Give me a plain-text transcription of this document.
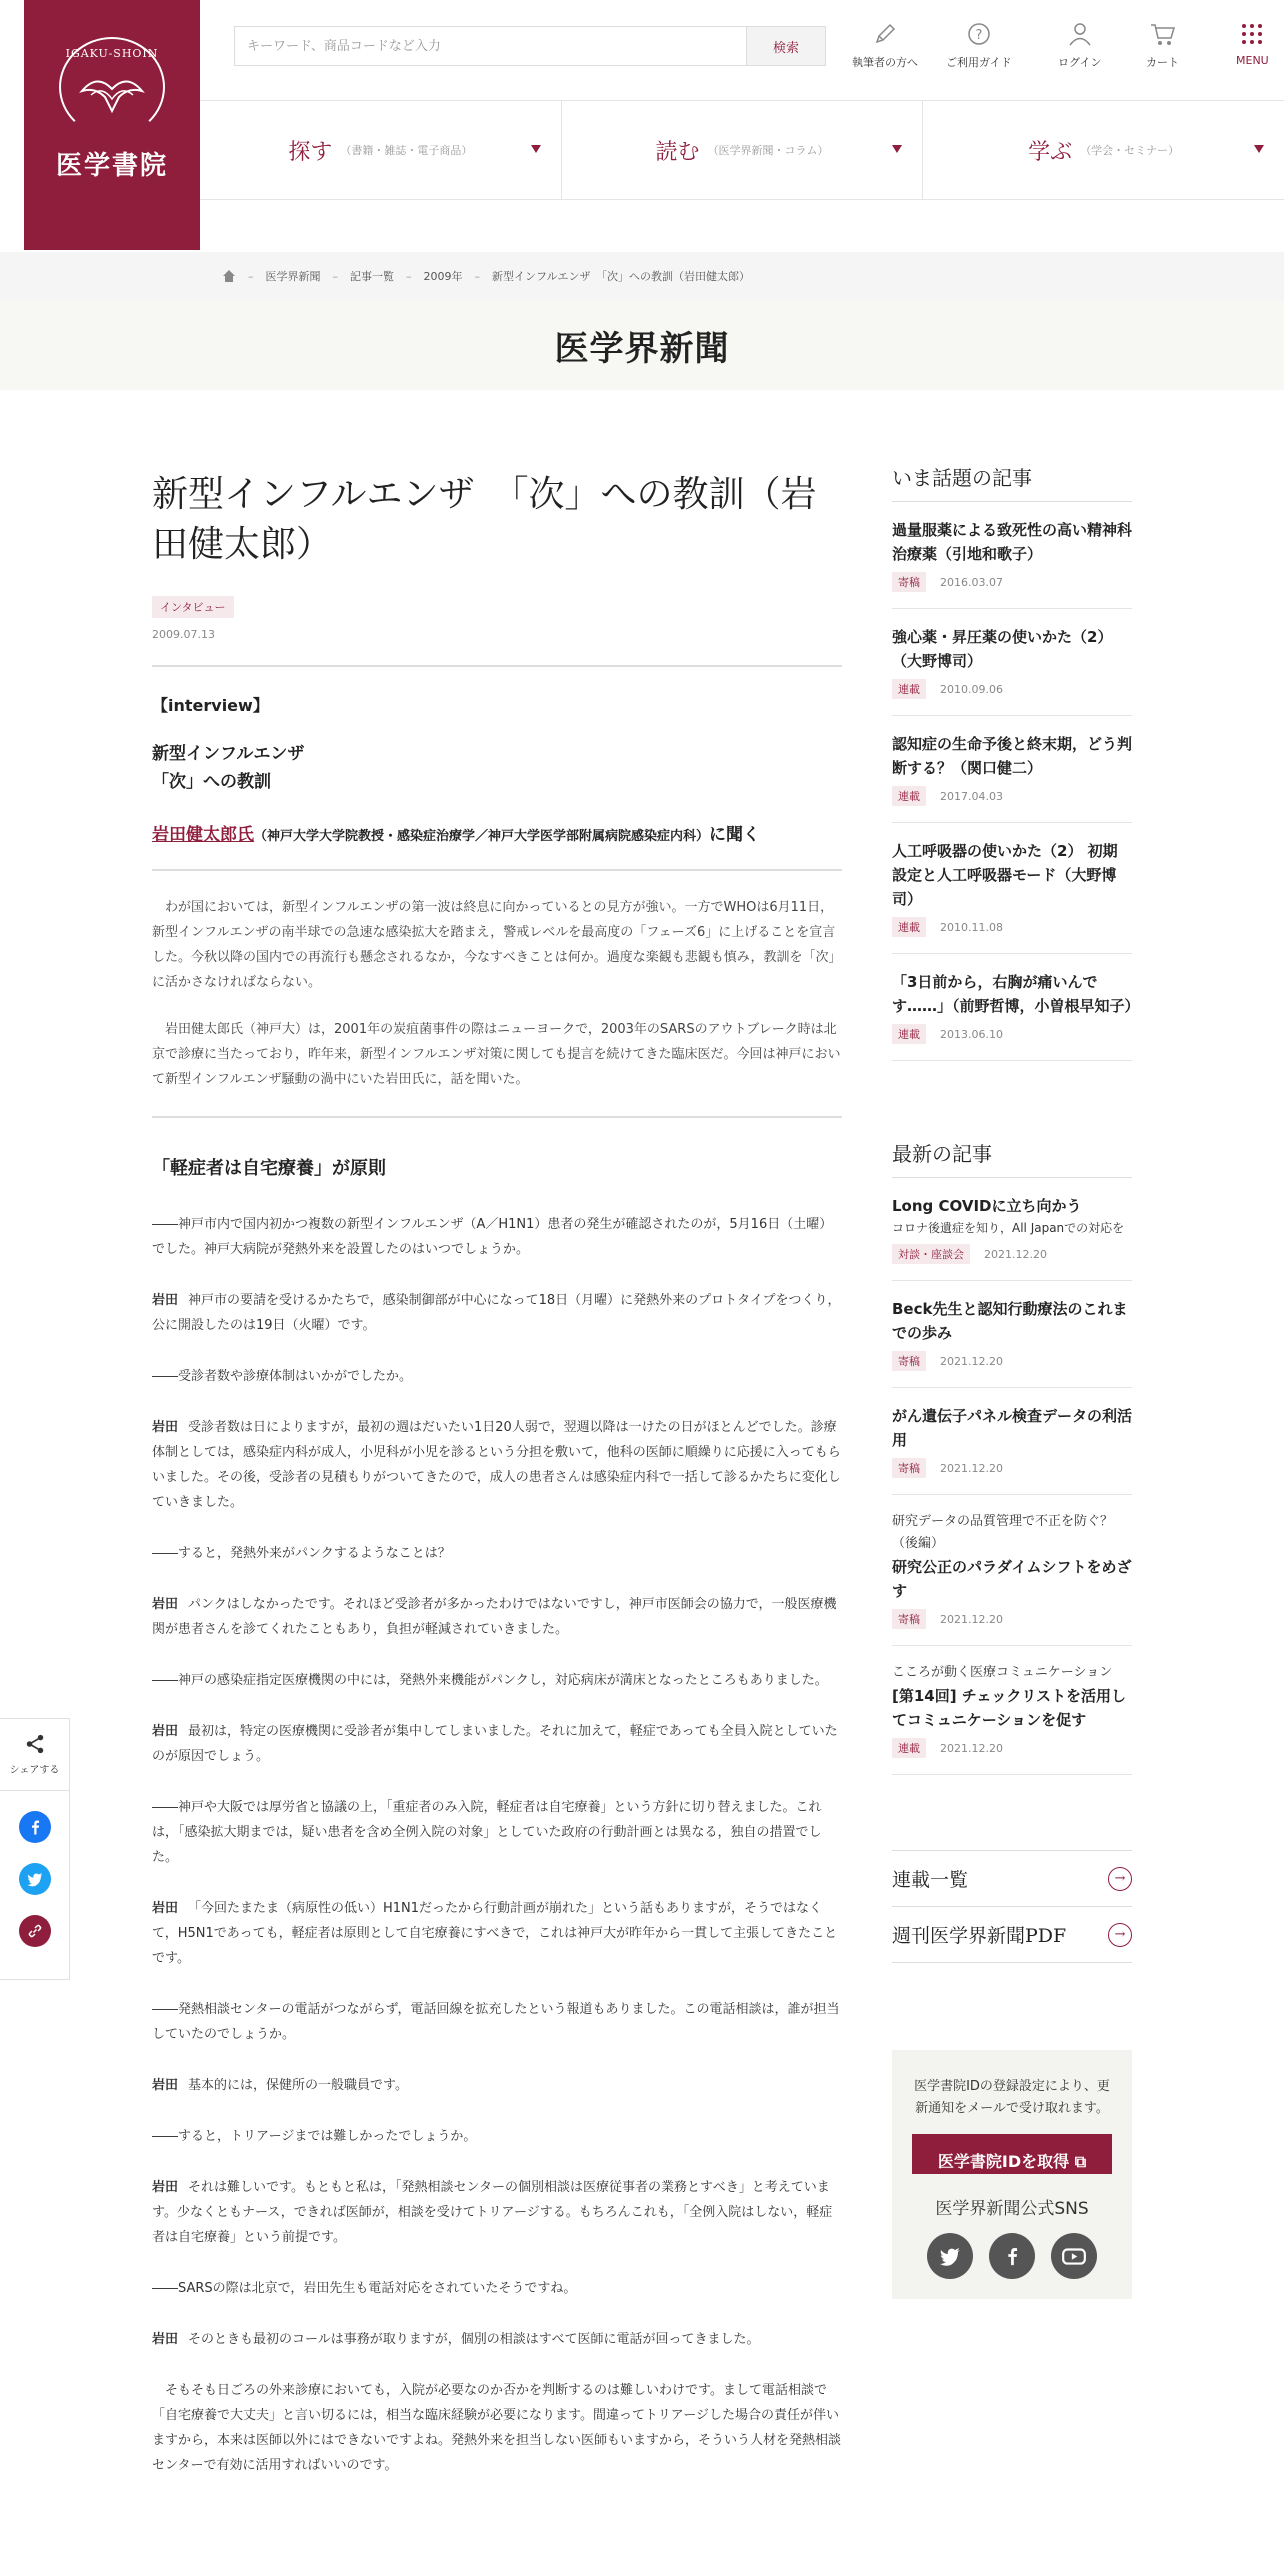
IGAKU-SHOIN
医学書院
キーワード、商品コードなど入力
検索
執筆者の方へ
?
ご利用ガイド	ログイン	カート	MENU
探す （書籍・雑誌・電子商品）	読む （医学界新聞・コラム）	学ぶ （学会・セミナー）
– 医学界新聞 – 記事一覧 – 2009年 – 新型インフルエンザ　「次」への教訓（岩田健太郎）
医学界新聞
新型インフルエンザ　「次」への教訓（岩田健太郎）
インタビュー
2009.07.13
【interview】
新型インフルエンザ
「次」への教訓
岩田健太郎氏（神戸大学大学院教授・感染症治療学／神戸大学医学部附属病院感染症内科）に聞く

わが国においては，新型インフルエンザの第一波は終息に向かっているとの見方が強い。一方でWHOは6月11日，新型インフルエンザの南半球での急速な感染拡大を踏まえ，警戒レベルを最高度の「フェーズ6」に上げることを宣言した。今秋以降の国内での再流行も懸念されるなか，今なすべきことは何か。過度な楽観も悲観も慎み，教訓を「次」に活かさなければならない。

岩田健太郎氏（神戸大）は，2001年の炭疽菌事件の際はニューヨークで，2003年のSARSのアウトブレーク時は北京で診療に当たっており，昨年来，新型インフルエンザ対策に関しても提言を続けてきた臨床医だ。今回は神戸において新型インフルエンザ騒動の渦中にいた岩田氏に，話を聞いた。

「軽症者は自宅療養」が原則

――神戸市内で国内初かつ複数の新型インフルエンザ（A／H1N1）患者の発生が確認されたのが，5月16日（土曜）でした。神戸大病院が発熱外来を設置したのはいつでしょうか。

岩田 神戸市の要請を受けるかたちで，感染制御部が中心になって18日（月曜）に発熱外来のプロトタイプをつくり，公に開設したのは19日（火曜）です。

――受診者数や診療体制はいかがでしたか。

岩田 受診者数は日によりますが，最初の週はだいたい1日20人弱で，翌週以降は一けたの日がほとんどでした。診療体制としては，感染症内科が成人，小児科が小児を診るという分担を敷いて，他科の医師に順繰りに応援に入ってもらいました。その後，受診者の見積もりがついてきたので，成人の患者さんは感染症内科で一括して診るかたちに変化していきました。

――すると，発熱外来がパンクするようなことは？

岩田 パンクはしなかったです。それほど受診者が多かったわけではないですし，神戸市医師会の協力で，一般医療機関が患者さんを診てくれたこともあり，負担が軽減されていきました。

――神戸の感染症指定医療機関の中には，発熱外来機能がパンクし，対応病床が満床となったところもありました。

岩田 最初は，特定の医療機関に受診者が集中してしまいました。それに加えて，軽症であっても全員入院としていたのが原因でしょう。

――神戸や大阪では厚労省と協議の上，「重症者のみ入院，軽症者は自宅療養」という方針に切り替えました。これは，「感染拡大期までは，疑い患者を含め全例入院の対象」としていた政府の行動計画とは異なる，独自の措置でした。

岩田 「今回たまたま（病原性の低い）H1N1だったから行動計画が崩れた」という話もありますが，そうではなくて，H5N1であっても，軽症者は原則として自宅療養にすべきで，これは神戸大が昨年から一貫して主張してきたことです。

――発熱相談センターの電話がつながらず，電話回線を拡充したという報道もありました。この電話相談は，誰が担当していたのでしょうか。

岩田 基本的には，保健所の一般職員です。

――すると，トリアージまでは難しかったでしょうか。

岩田 それは難しいです。もともと私は，「発熱相談センターの個別相談は医療従事者の業務とすべき」と考えています。少なくともナース，できれば医師が，相談を受けてトリアージする。もちろんこれも，「全例入院はしない，軽症者は自宅療養」という前提です。

――SARSの際は北京で，岩田先生も電話対応をされていたそうですね。

岩田 そのときも最初のコールは事務が取りますが，個別の相談はすべて医師に電話が回ってきました。

そもそも日ごろの外来診療においても，入院が必要なのか否かを判断するのは難しいわけです。まして電話相談で「自宅療養で大丈夫」と言い切るには，相当な臨床経験が必要になります。間違ってトリアージした場合の責任が伴いますから，本来は医師以外にはできないですよね。発熱外来を担当しない医師もいますから，そういう人材を発熱相談センターで有効に活用すればいいのです。

いま話題の記事
過量服薬による致死性の高い精神科治療薬（引地和歌子）
寄稿	2016.03.07
強心薬・昇圧薬の使いかた（2）（大野博司）
連載	2010.09.06
認知症の生命予後と終末期，どう判断する？（関口健二）
連載	2017.04.03
人工呼吸器の使いかた（2） 初期設定と人工呼吸器モード（大野博司）
連載	2010.11.08
「3日前から，右胸が痛いんです……」（前野哲博，小曽根早知子）
連載	2013.06.10
最新の記事
Long COVIDに立ち向かう
コロナ後遺症を知り，All Japanでの対応を
対談・座談会	2021.12.20
Beck先生と認知行動療法のこれまでの歩み
寄稿	2021.12.20
がん遺伝子パネル検査データの利活用
寄稿	2021.12.20
研究データの品質管理で不正を防ぐ？（後編）
研究公正のパラダイムシフトをめざす
寄稿	2021.12.20
こころが動く医療コミュニケーション
[第14回] チェックリストを活用してコミュニケーションを促す
連載	2021.12.20
連載一覧	→
週刊医学界新聞PDF	→
医学書院IDの登録設定により、更新通知をメールで受け取れます。
医学書院IDを取得 ⧉
医学界新聞公式SNS
シェアする
